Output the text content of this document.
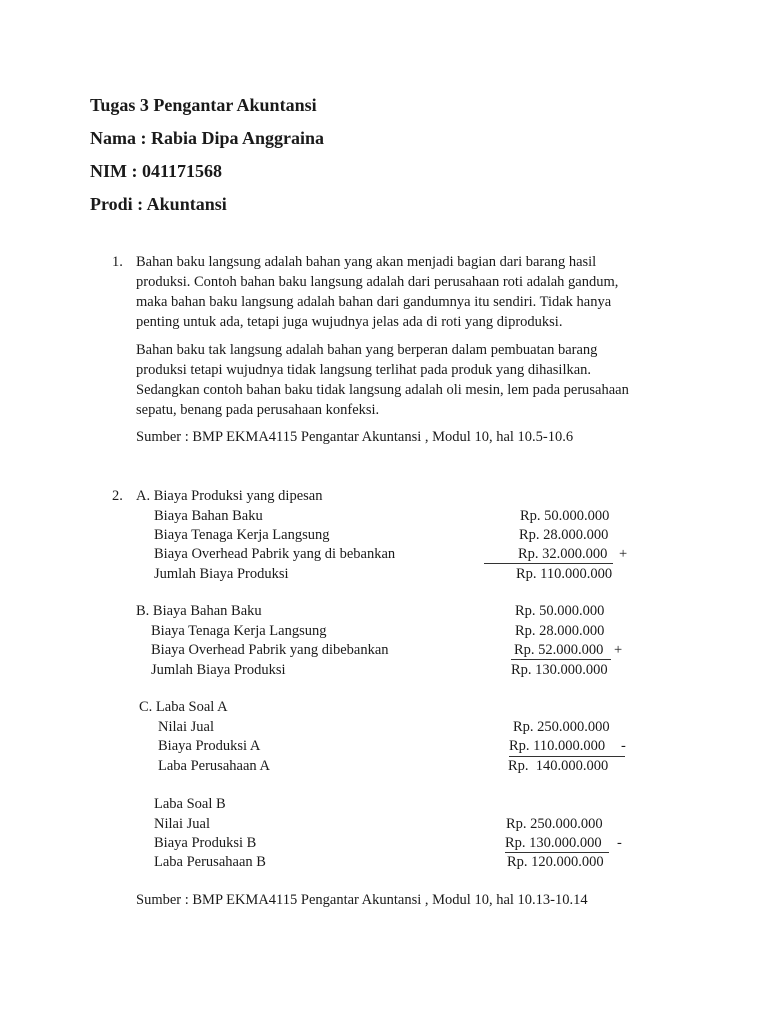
Tugas 3 Pengantar Akuntansi
Nama : Rabia Dipa Anggraina
NIM : 041171568
Prodi : Akuntansi
1. Bahan baku langsung adalah bahan yang akan menjadi bagian dari barang hasil

produksi. Contoh bahan baku langsung adalah dari perusahaan roti adalah gandum,

maka bahan baku langsung adalah bahan dari gandumnya itu sendiri. Tidak hanya

penting untuk ada, tetapi juga wujudnya jelas ada di roti yang diproduksi.

Bahan baku tak langsung adalah bahan yang berperan dalam pembuatan barang

produksi tetapi wujudnya tidak langsung terlihat pada produk yang dihasilkan.

Sedangkan contoh bahan baku tidak langsung adalah oli mesin, lem pada perusahaan

sepatu, benang pada perusahaan konfeksi.

Sumber : BMP EKMA4115 Pengantar Akuntansi , Modul 10, hal 10.5-10.6
2. A. Biaya Produksi yang dipesan
Biaya Bahan Baku	Rp. 50.000.000
Biaya Tenaga Kerja Langsung	Rp. 28.000.000
Biaya Overhead Pabrik yang di bebankan	Rp. 32.000.000 +
Jumlah Biaya Produksi	Rp. 110.000.000
B. Biaya Bahan Baku	Rp. 50.000.000
Biaya Tenaga Kerja Langsung	Rp. 28.000.000
Biaya Overhead Pabrik yang dibebankan	Rp. 52.000.000 +
Jumlah Biaya Produksi	Rp. 130.000.000
C. Laba Soal A
Nilai Jual	Rp. 250.000.000
Biaya Produksi A	Rp. 110.000.000 -
Laba Perusahaan A	Rp.  140.000.000
Laba Soal B
Nilai Jual	Rp. 250.000.000
Biaya Produksi B	Rp. 130.000.000 -
Laba Perusahaan B	Rp. 120.000.000
Sumber : BMP EKMA4115 Pengantar Akuntansi , Modul 10, hal 10.13-10.14
